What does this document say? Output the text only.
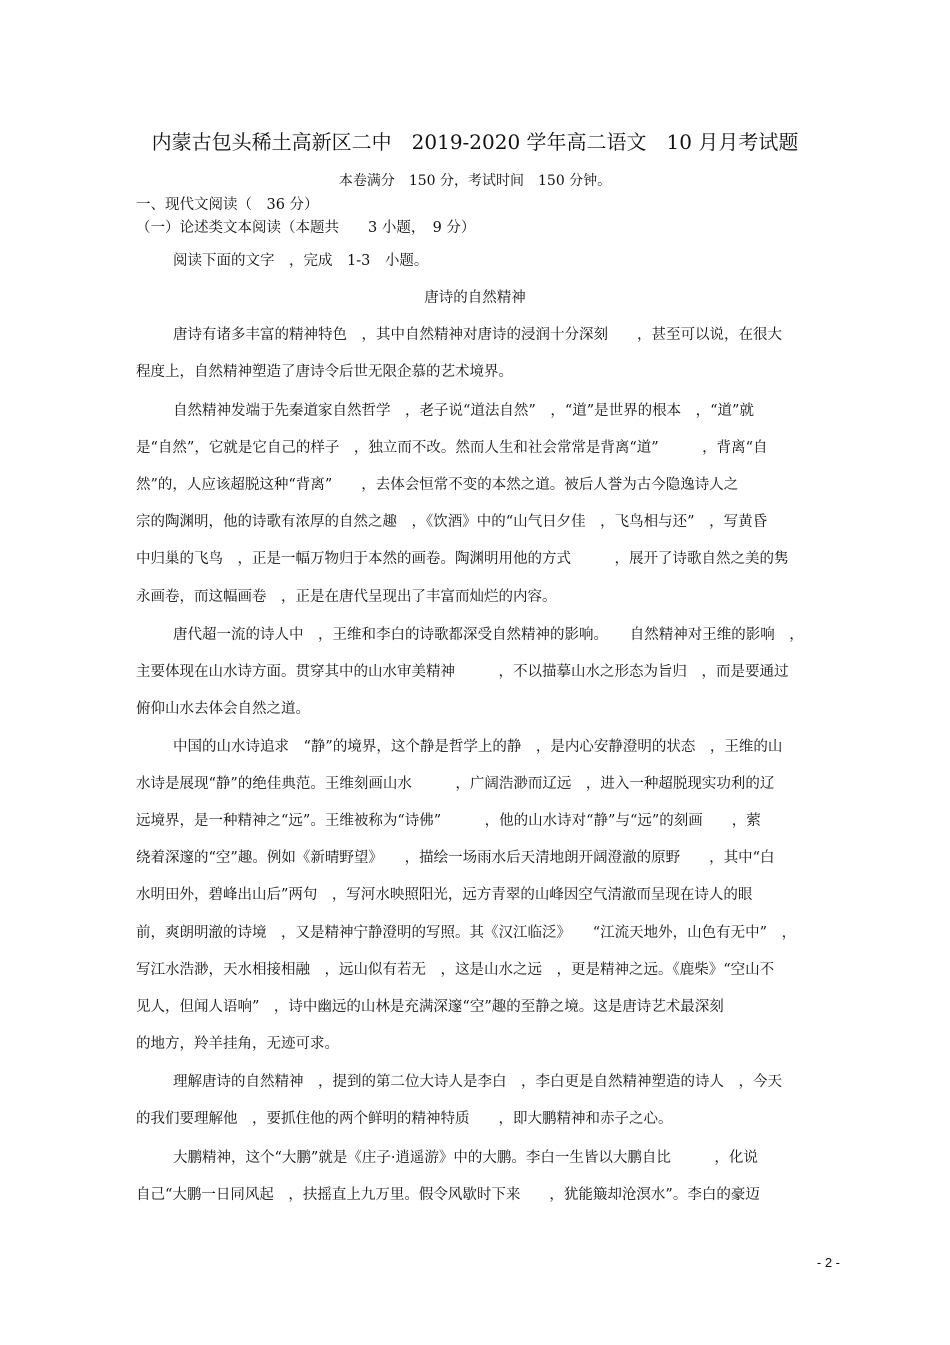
内蒙古包头稀土高新区二中　2019-2020 学年高二语文　10 月月考试题
本卷满分　150 分，考试时间　150 分钟。
一、现代文阅读（　36 分）
（一）论述类文本阅读（本题共　　3 小题，　9 分）
阅读下面的文字　，完成　1-3　小题。
唐诗的自然精神
唐诗有诸多丰富的精神特色　，其中自然精神对唐诗的浸润十分深刻　　，甚至可以说，在很大
程度上，自然精神塑造了唐诗令后世无限企慕的艺术境界。
自然精神发端于先秦道家自然哲学　，老子说“道法自然”　，“道”是世界的根本　，“道”就
是“自然”，它就是它自己的样子　，独立而不改。然而人生和社会常常是背离“道”　　　，背离“自
然”的，人应该超脱这种“背离”　　，去体会恒常不变的本然之道。被后人誉为古今隐逸诗人之
宗的陶渊明，他的诗歌有浓厚的自然之趣　，《饮酒》中的“山气日夕佳　，飞鸟相与还”　，写黄昏
中归巢的飞鸟　，正是一幅万物归于本然的画卷。陶渊明用他的方式　　　，展开了诗歌自然之美的隽
永画卷，而这幅画卷　，正是在唐代呈现出了丰富而灿烂的内容。
唐代超一流的诗人中　，王维和李白的诗歌都深受自然精神的影响。　　自然精神对王维的影响　，
主要体现在山水诗方面。贯穿其中的山水审美精神　　　，不以描摹山水之形态为旨归　，而是要通过
俯仰山水去体会自然之道。
中国的山水诗追求　“静”的境界，这个静是哲学上的静　，是内心安静澄明的状态　，王维的山
水诗是展现“静”的绝佳典范。王维刻画山水　　　，广阔浩渺而辽远　，进入一种超脱现实功利的辽
远境界，是一种精神之“远”。王维被称为“诗佛”　　　，他的山水诗对“静”与“远”的刻画　　，萦
绕着深邃的“空”趣。例如《新晴野望》　　，描绘一场雨水后天清地朗开阔澄澈的原野　　，其中“白
水明田外，碧峰出山后”两句　，写河水映照阳光，远方青翠的山峰因空气清澈而呈现在诗人的眼
前，爽朗明澈的诗境　，又是精神宁静澄明的写照。其《汉江临泛》　　“江流天地外，山色有无中”　，
写江水浩渺，天水相接相融　，远山似有若无　，这是山水之远　，更是精神之远。《鹿柴》“空山不
见人，但闻人语响”　，诗中幽远的山林是充满深邃“空”趣的至静之境。这是唐诗艺术最深刻
的地方，羚羊挂角，无迹可求。
理解唐诗的自然精神　，提到的第二位大诗人是李白　，李白更是自然精神塑造的诗人　，今天
的我们要理解他　，要抓住他的两个鲜明的精神特质　　，即大鹏精神和赤子之心。
大鹏精神，这个“大鹏”就是《庄子·逍遥游》中的大鹏。李白一生皆以大鹏自比　　　，化说
自己“大鹏一日同风起　，扶摇直上九万里。假令风歇时下来　　，犹能簸却沧溟水”。李白的豪迈
- 2 -
